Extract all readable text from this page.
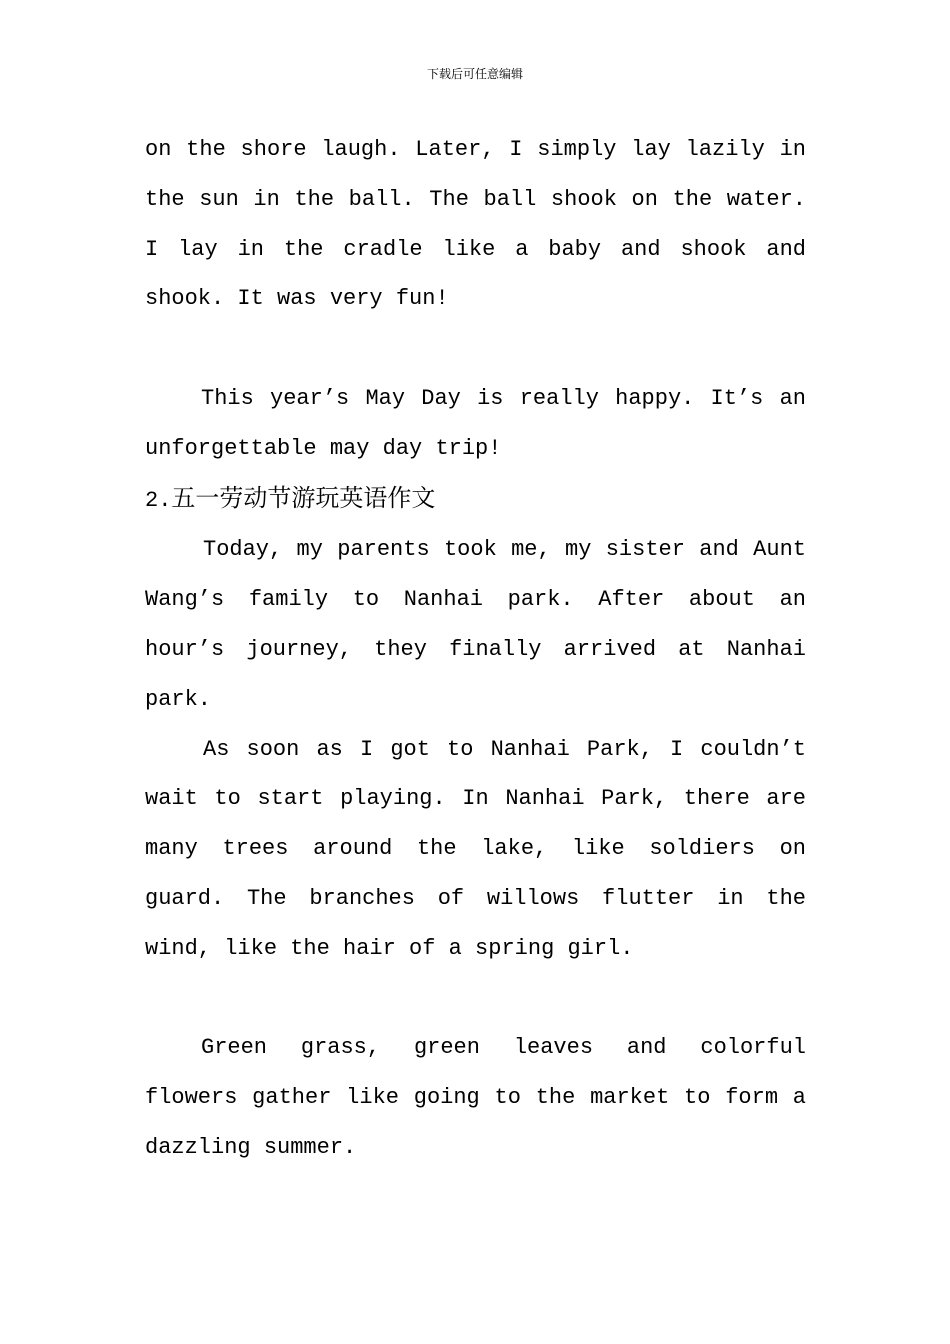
下载后可任意编辑

on the shore laugh. Later, I simply lay lazily in the sun in the ball. The ball shook on the water. I lay in the cradle like a baby and shook and shook. It was very fun!

This year’s May Day is really happy. It’s an unforgettable may day trip!

2.五一劳动节游玩英语作文

Today, my parents took me, my sister and Aunt Wang’s family to Nanhai park. After about an hour’s journey, they finally arrived at Nanhai park.

As soon as I got to Nanhai Park, I couldn’t wait to start playing. In Nanhai Park, there are many trees around the lake, like soldiers on guard. The branches of willows flutter in the wind, like the hair of a spring girl.

Green grass, green leaves and colorful flowers gather like going to the market to form a dazzling summer.
